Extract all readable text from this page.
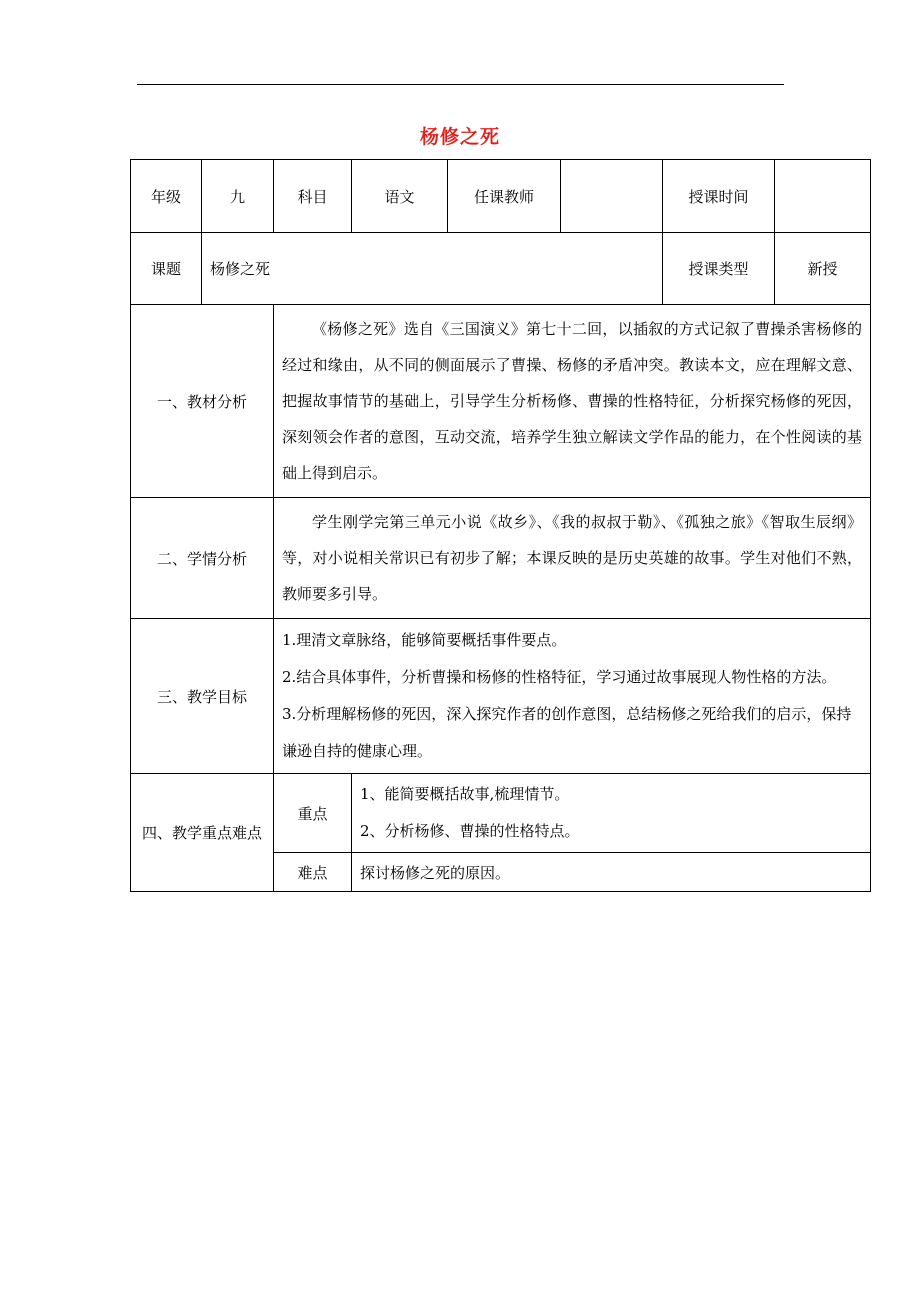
杨修之死
年级	九	科目	语文	任课教师		授课时间	
课题	杨修之死					授课类型	新授
一、教材分析		《杨修之死》选自《三国演义》第七十二回，以插叙的方式记叙了曹操杀害杨修的经过和缘由，从不同的侧面展示了曹操、杨修的矛盾冲突。教读本文，应在理解文意、把握故事情节的基础上，引导学生分析杨修、曹操的性格特征，分析探究杨修的死因，深刻领会作者的意图，互动交流，培养学生独立解读文学作品的能力，在个性阅读的基础上得到启示。					

二、学情分析		学生刚学完第三单元小说《故乡》、《我的叔叔于勒》、《孤独之旅》《智取生辰纲》等，对小说相关常识已有初步了解；本课反映的是历史英雄的故事。学生对他们不熟，教师要多引导。					

三、教学目标		1.理清文章脉络，能够简要概括事件要点。

2.结合具体事件，分析曹操和杨修的性格特征，学习通过故事展现人物性格的方法。

3.分析理解杨修的死因，深入探究作者的创作意图，总结杨修之死给我们的启示，保持谦逊自持的健康心理。					

四、教学重点难点		重点	1、能简要概括故事,梳理情节。

2、分析杨修、曹操的性格特点。				

		难点	探讨杨修之死的原因。				
